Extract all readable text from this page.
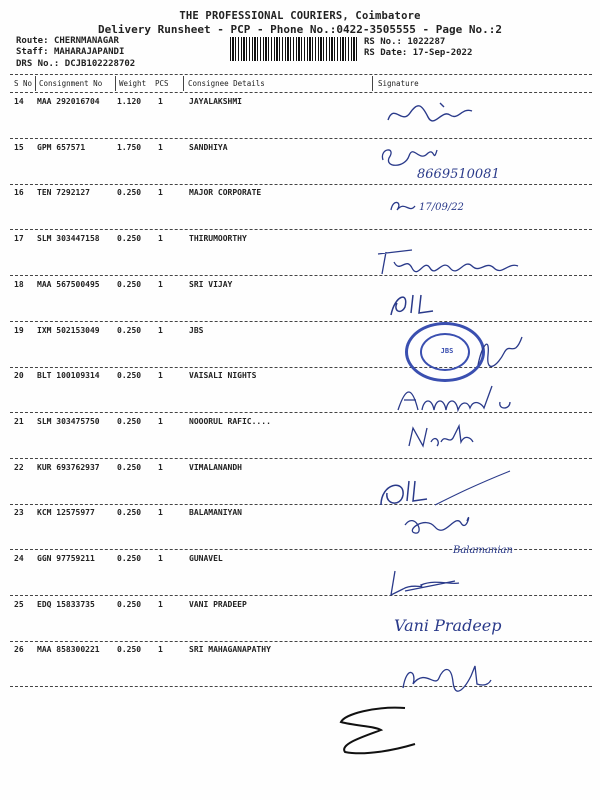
THE PROFESSIONAL COURIERS, Coimbatore
Delivery Runsheet - PCP - Phone No.:0422-3505555 - Page No.:2
Route: CHERNMANAGAR
Staff: MAHARAJAPANDI
DRS No.: DCJB102228702
RS No.: 1022287
RS Date: 17-Sep-2022
S No Consignment No Weight PCS	Consignee Details	Signature
14 MAA 292016704 1.120 1	JAYALAKSHMI
15 GPM 657571	1.750 1	SANDHIYA
16 TEN 7292127	0.250 1	MAJOR CORPORATE
17 SLM 303447158 0.250 1	THIRUMOORTHY
18 MAA 567500495 0.250 1	SRI VIJAY
19 IXM 502153049 0.250 1	JBS
20 BLT 100109314 0.250 1	VAISALI NIGHTS
21 SLM 303475750 0.250 1	NOOORUL RAFIC....
22 KUR 693762937 0.250 1	VIMALANANDH
23 KCM 12575977	0.250 1	BALAMANIYAN
24 GGN 97759211	0.250 1	GUNAVEL
25 EDQ 15833735	0.250 1	VANI PRADEEP
26 MAA 858300221 0.250 1	SRI MAHAGANAPATHY
8669510081
17/09/22
JBS
Balamanian
Vani Pradeep
